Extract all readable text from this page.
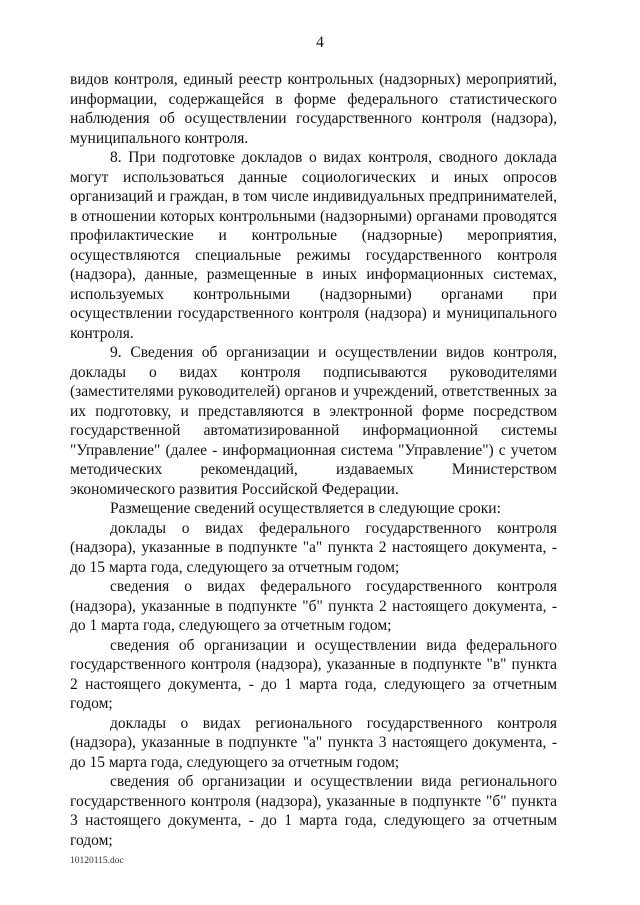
4

видов контроля, единый реестр контрольных (надзорных) мероприятий, информации, содержащейся в форме федерального статистического наблюдения об осуществлении государственного контроля (надзора), муниципального контроля.

8. При подготовке докладов о видах контроля, сводного доклада могут использоваться данные социологических и иных опросов организаций и граждан, в том числе индивидуальных предпринимателей, в отношении которых контрольными (надзорными) органами проводятся профилактические и контрольные (надзорные) мероприятия, осуществляются специальные режимы государственного контроля (надзора), данные, размещенные в иных информационных системах, используемых контрольными (надзорными) органами при осуществлении государственного контроля (надзора) и муниципального контроля.

9. Сведения об организации и осуществлении видов контроля, доклады о видах контроля подписываются руководителями (заместителями руководителей) органов и учреждений, ответственных за их подготовку, и представляются в электронной форме посредством государственной автоматизированной информационной системы "Управление" (далее - информационная система "Управление") с учетом методических рекомендаций, издаваемых Министерством экономического развития Российской Федерации.

Размещение сведений осуществляется в следующие сроки:

доклады о видах федерального государственного контроля (надзора), указанные в подпункте "а" пункта 2 настоящего документа, - до 15 марта года, следующего за отчетным годом;

сведения о видах федерального государственного контроля (надзора), указанные в подпункте "б" пункта 2 настоящего документа, - до 1 марта года, следующего за отчетным годом;

сведения об организации и осуществлении вида федерального государственного контроля (надзора), указанные в подпункте "в" пункта 2 настоящего документа, - до 1 марта года, следующего за отчетным годом;

доклады о видах регионального государственного контроля (надзора), указанные в подпункте "а" пункта 3 настоящего документа, - до 15 марта года, следующего за отчетным годом;

сведения об организации и осуществлении вида регионального государственного контроля (надзора), указанные в подпункте "б" пункта 3 настоящего документа, - до 1 марта года, следующего за отчетным годом;

10120115.doc
